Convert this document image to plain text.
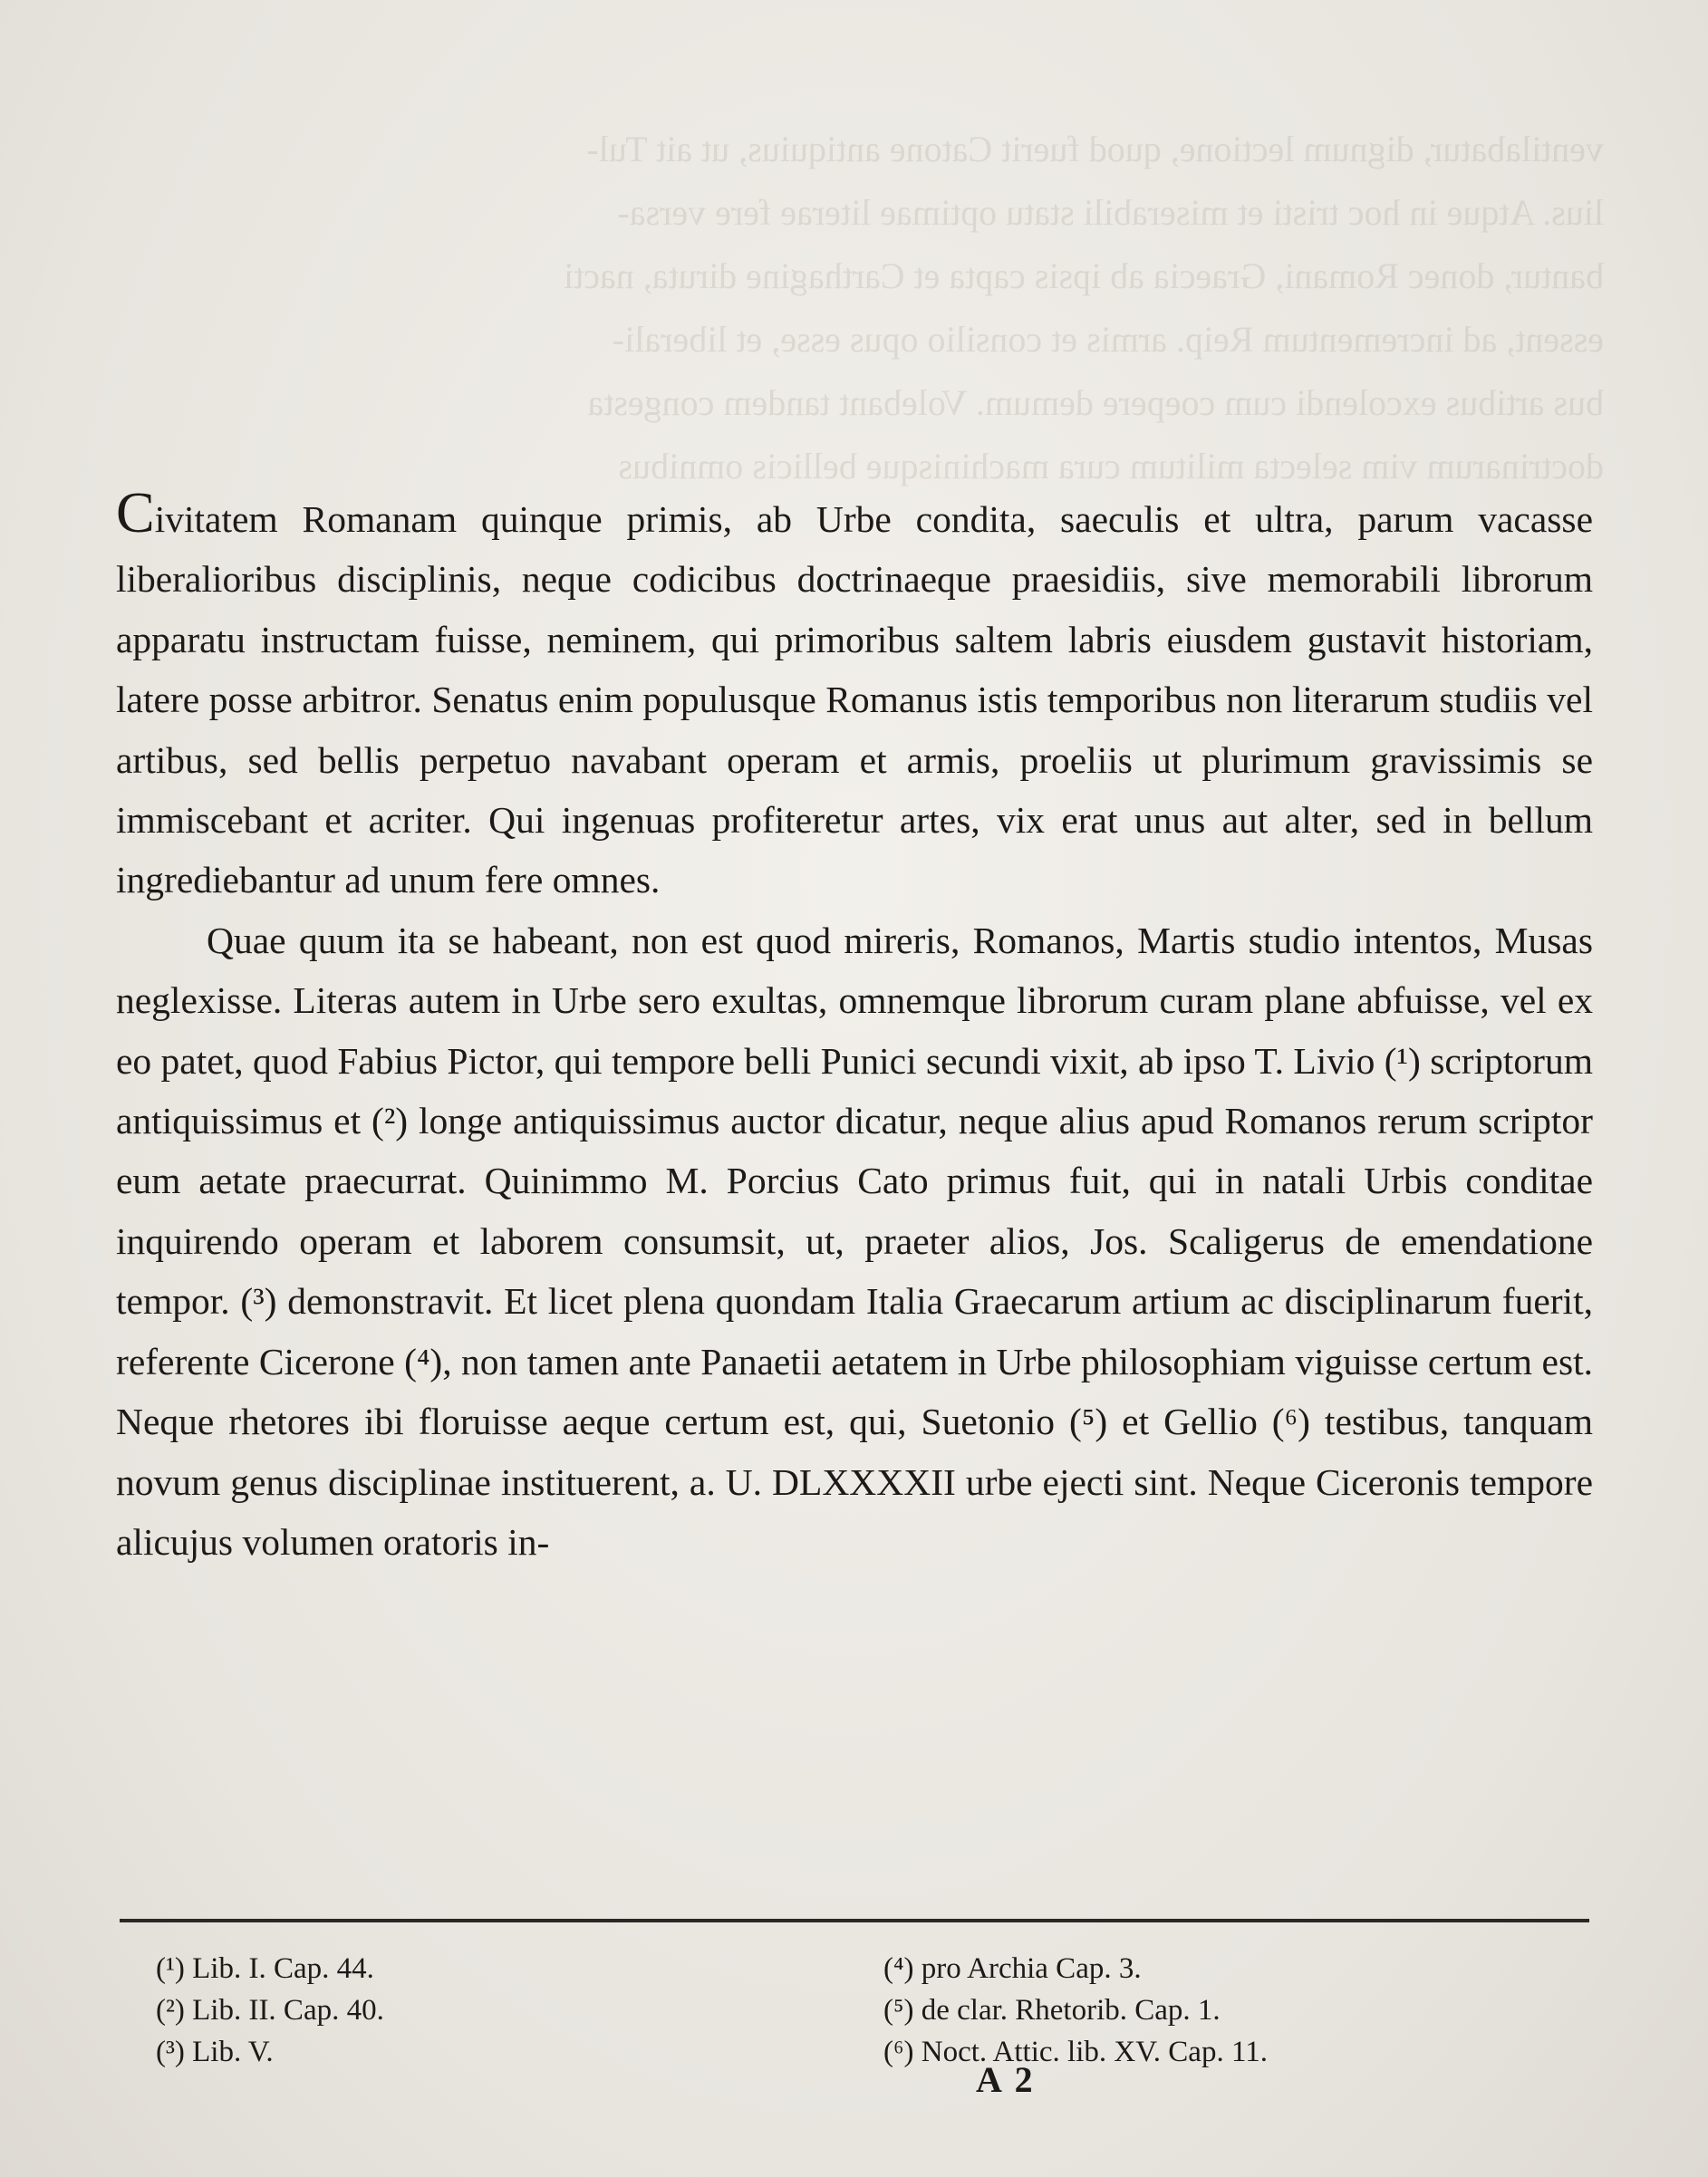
ventilabatur, dignum lectione, quod fuerit Catone antiquius, ut ait Tul-
lius. Atque in hoc tristi et miserabili statu optimae literae fere versa-
bantur, donec Romani, Graecia ab ipsis capta et Carthagine diruta, nacti
essent, ad incrementum Reip. armis et consilio opus esse, et liberali-
bus artibus excolendi cum coepere demum. Volebant tandem congesta
doctrinarum vim selecta militum cura machinisque bellicis omnibus

Civitatem Romanam quinque primis, ab Urbe condita, saeculis et ultra, parum vacasse liberalioribus disciplinis, neque codicibus doctrinaeque praesidiis, sive memorabili librorum apparatu instructam fuisse, neminem, qui primoribus saltem labris eiusdem gustavit historiam, latere posse arbitror. Senatus enim populusque Romanus istis temporibus non literarum studiis vel artibus, sed bellis perpetuo navabant operam et armis, proeliis ut plurimum gravissimis se immiscebant et acriter. Qui ingenuas profiteretur artes, vix erat unus aut alter, sed in bellum ingrediebantur ad unum fere omnes.

Quae quum ita se habeant, non est quod mireris, Romanos, Martis studio intentos, Musas neglexisse. Literas autem in Urbe sero exultas, omnemque librorum curam plane abfuisse, vel ex eo patet, quod Fabius Pictor, qui tempore belli Punici secundi vixit, ab ipso T. Livio (¹) scriptorum antiquissimus et (²) longe antiquissimus auctor dicatur, neque alius apud Romanos rerum scriptor eum aetate praecurrat. Quinimmo M. Porcius Cato primus fuit, qui in natali Urbis conditae inquirendo operam et laborem consumsit, ut, praeter alios, Jos. Scaligerus de emendatione tempor. (³) demonstravit. Et licet plena quondam Italia Graecarum artium ac disciplinarum fuerit, referente Cicerone (⁴), non tamen ante Panaetii aetatem in Urbe philosophiam viguisse certum est. Neque rhetores ibi floruisse aeque certum est, qui, Suetonio (⁵) et Gellio (⁶) testibus, tanquam novum genus disciplinae instituerent, a. U. DLXXXXII urbe ejecti sint. Neque Ciceronis tempore alicujus volumen oratoris in-

(¹) Lib. I. Cap. 44.
(²) Lib. II. Cap. 40.
(³) Lib. V.
(⁴) pro Archia Cap. 3.
(⁵) de clar. Rhetorib. Cap. 1.
(⁶) Noct. Attic. lib. XV. Cap. 11.
A 2
